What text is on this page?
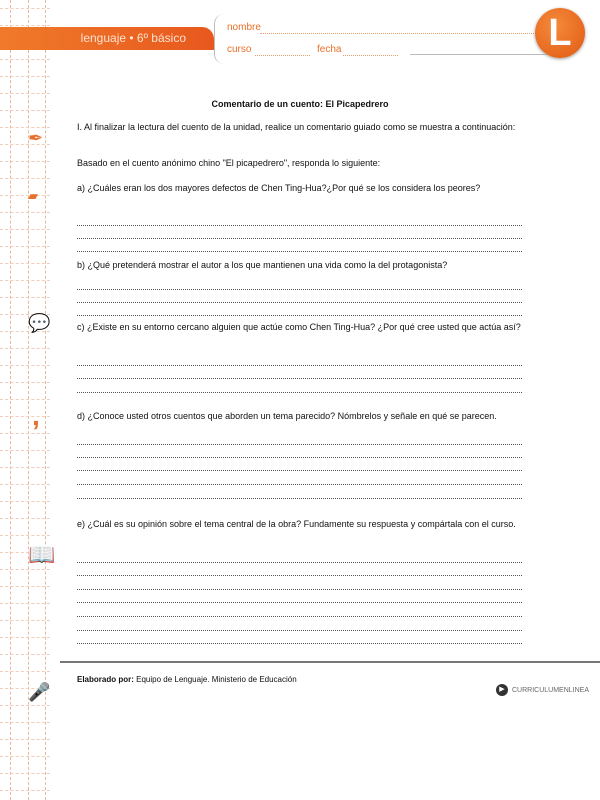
lenguaje • 6º básico
nombre
curso	fecha	L
✒
▰
💬
,
📖
🎤
Comentario de un cuento: El Picapedrero
I. Al finalizar la lectura del cuento de la unidad, realice un comentario guiado como se muestra a continuación:
Basado en el cuento anónimo chino "El picapedrero", responda lo siguiente:
a) ¿Cuáles eran los dos mayores defectos de Chen Ting-Hua?¿Por qué se los considera los peores?
b) ¿Qué pretenderá mostrar el autor a los que mantienen una vida como la del protagonista?
c) ¿Existe en su entorno cercano alguien que actúe como Chen Ting-Hua? ¿Por qué cree usted que actúa así?
d) ¿Conoce usted otros cuentos que aborden un tema parecido? Nómbrelos y señale en qué se parecen.
e) ¿Cuál es su opinión sobre el tema central de la obra? Fundamente su respuesta y compártala con el curso.
Elaborado por: Equipo de Lenguaje. Ministerio de Educación
▶	CURRICULUMENLINEA
